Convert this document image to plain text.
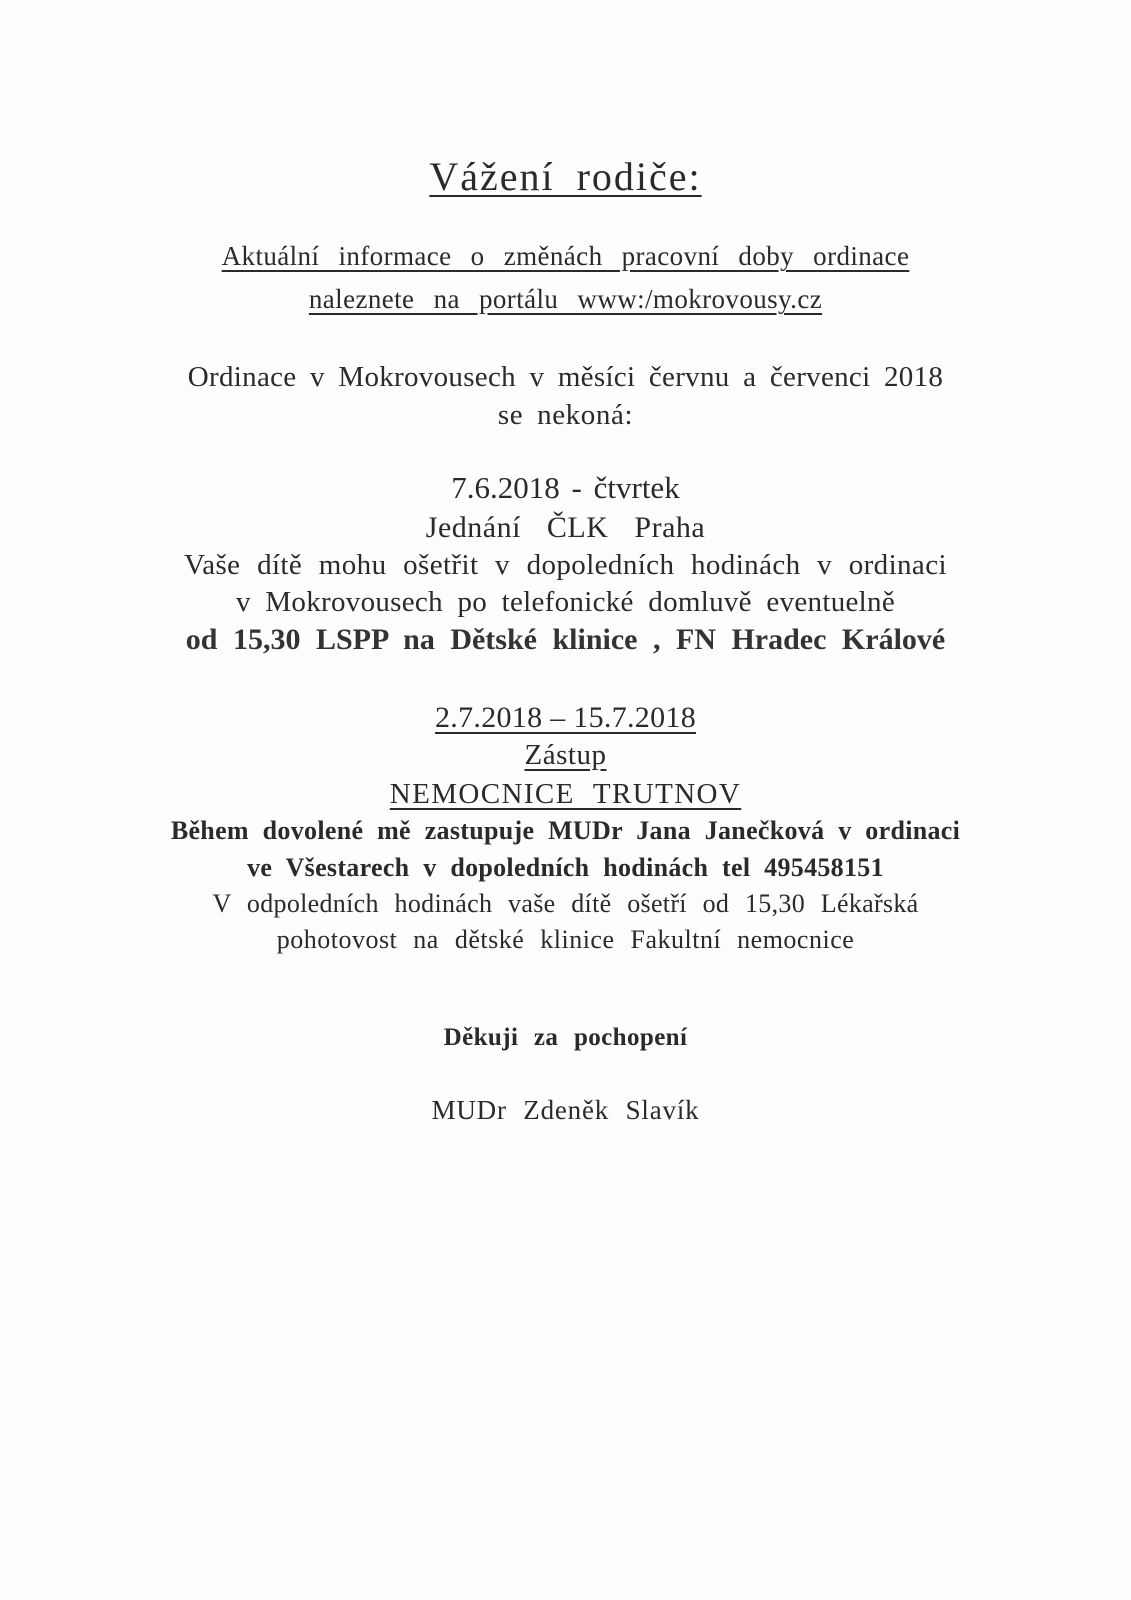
Vážení rodiče:
Aktuální informace o změnách pracovní doby ordinace
naleznete na portálu www:/mokrovousy.cz
Ordinace v Mokrovousech v měsíci červnu a červenci 2018
se nekoná:
7.6.2018 - čtvrtek
Jednání ČLK Praha
Vaše dítě mohu ošetřit v dopoledních hodinách v ordinaci
v Mokrovousech po telefonické domluvě eventuelně
od 15,30 LSPP na Dětské klinice , FN Hradec Králové
2.7.2018 – 15.7.2018
Zástup
NEMOCNICE TRUTNOV
Během dovolené mě zastupuje MUDr Jana Janečková v ordinaci
ve Všestarech v dopoledních hodinách tel 495458151
V odpoledních hodinách vaše dítě ošetří od 15,30 Lékařská
pohotovost na dětské klinice Fakultní nemocnice
Děkuji za pochopení
MUDr Zdeněk Slavík
